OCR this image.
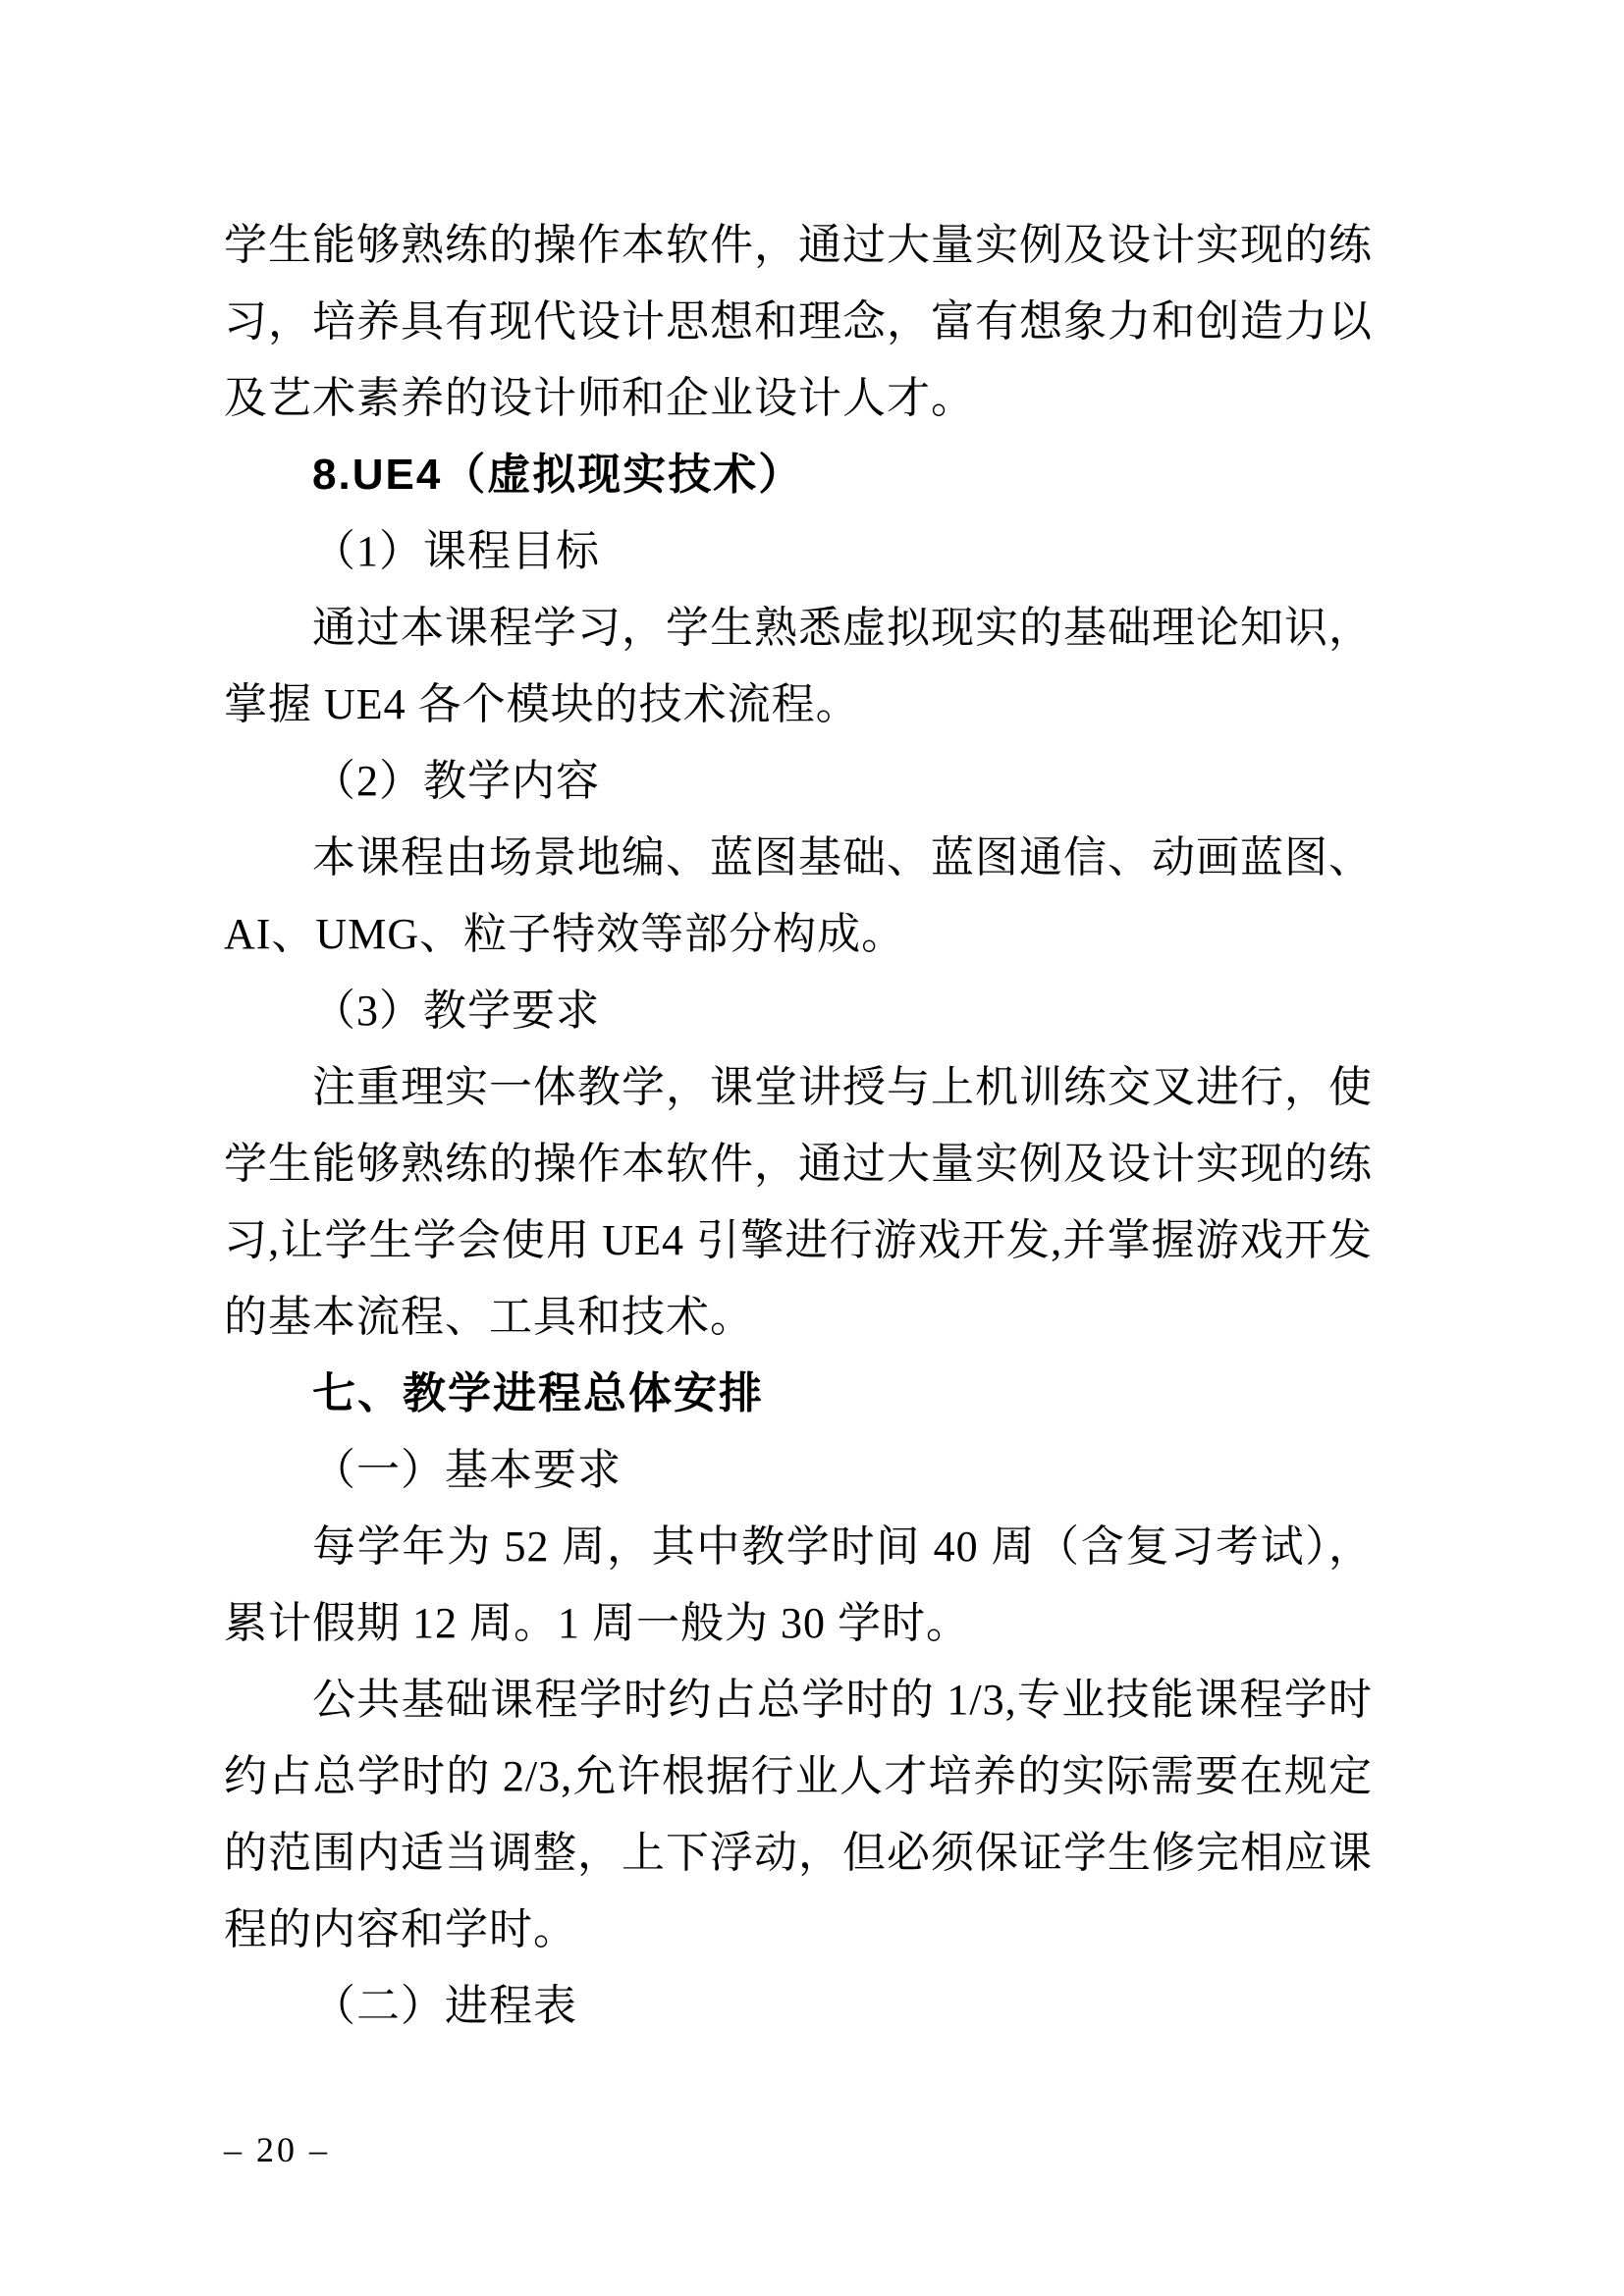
学生能够熟练的操作本软件，通过大量实例及设计实现的练
习，培养具有现代设计思想和理念，富有想象力和创造力以
及艺术素养的设计师和企业设计人才。
8.UE4（虚拟现实技术）
（1）课程目标
通过本课程学习，学生熟悉虚拟现实的基础理论知识，
掌握 UE4 各个模块的技术流程。
（2）教学内容
本课程由场景地编、蓝图基础、蓝图通信、动画蓝图、
AI、UMG、粒子特效等部分构成。
（3）教学要求
注重理实一体教学，课堂讲授与上机训练交叉进行，使
学生能够熟练的操作本软件，通过大量实例及设计实现的练
习,让学生学会使用 UE4 引擎进行游戏开发,并掌握游戏开发
的基本流程、工具和技术。
七、教学进程总体安排
（一）基本要求
每学年为 52 周，其中教学时间 40 周（含复习考试），
累计假期 12 周。1 周一般为 30 学时。
公共基础课程学时约占总学时的 1/3,专业技能课程学时
约占总学时的 2/3,允许根据行业人才培养的实际需要在规定
的范围内适当调整，上下浮动，但必须保证学生修完相应课
程的内容和学时。
（二）进程表
– 20 –
